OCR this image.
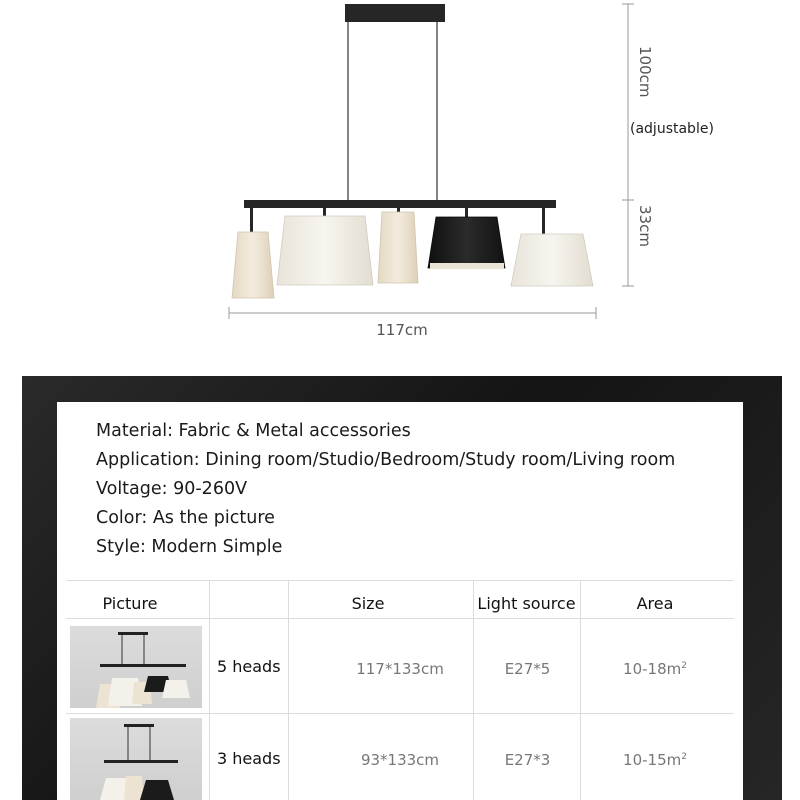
100cm
33cm
117cm
(adjustable)
Material: Fabric & Metal accessories
Application: Dining room/Studio/Bedroom/Study room/Living room
Voltage: 90-260V
Color: As the picture
Style: Modern Simple
Picture	Size	Light source	Area
5 heads	117*133cm	E27*5	$10-18m^2$
3 heads	93*133cm	E27*3	$10-15m^2$
